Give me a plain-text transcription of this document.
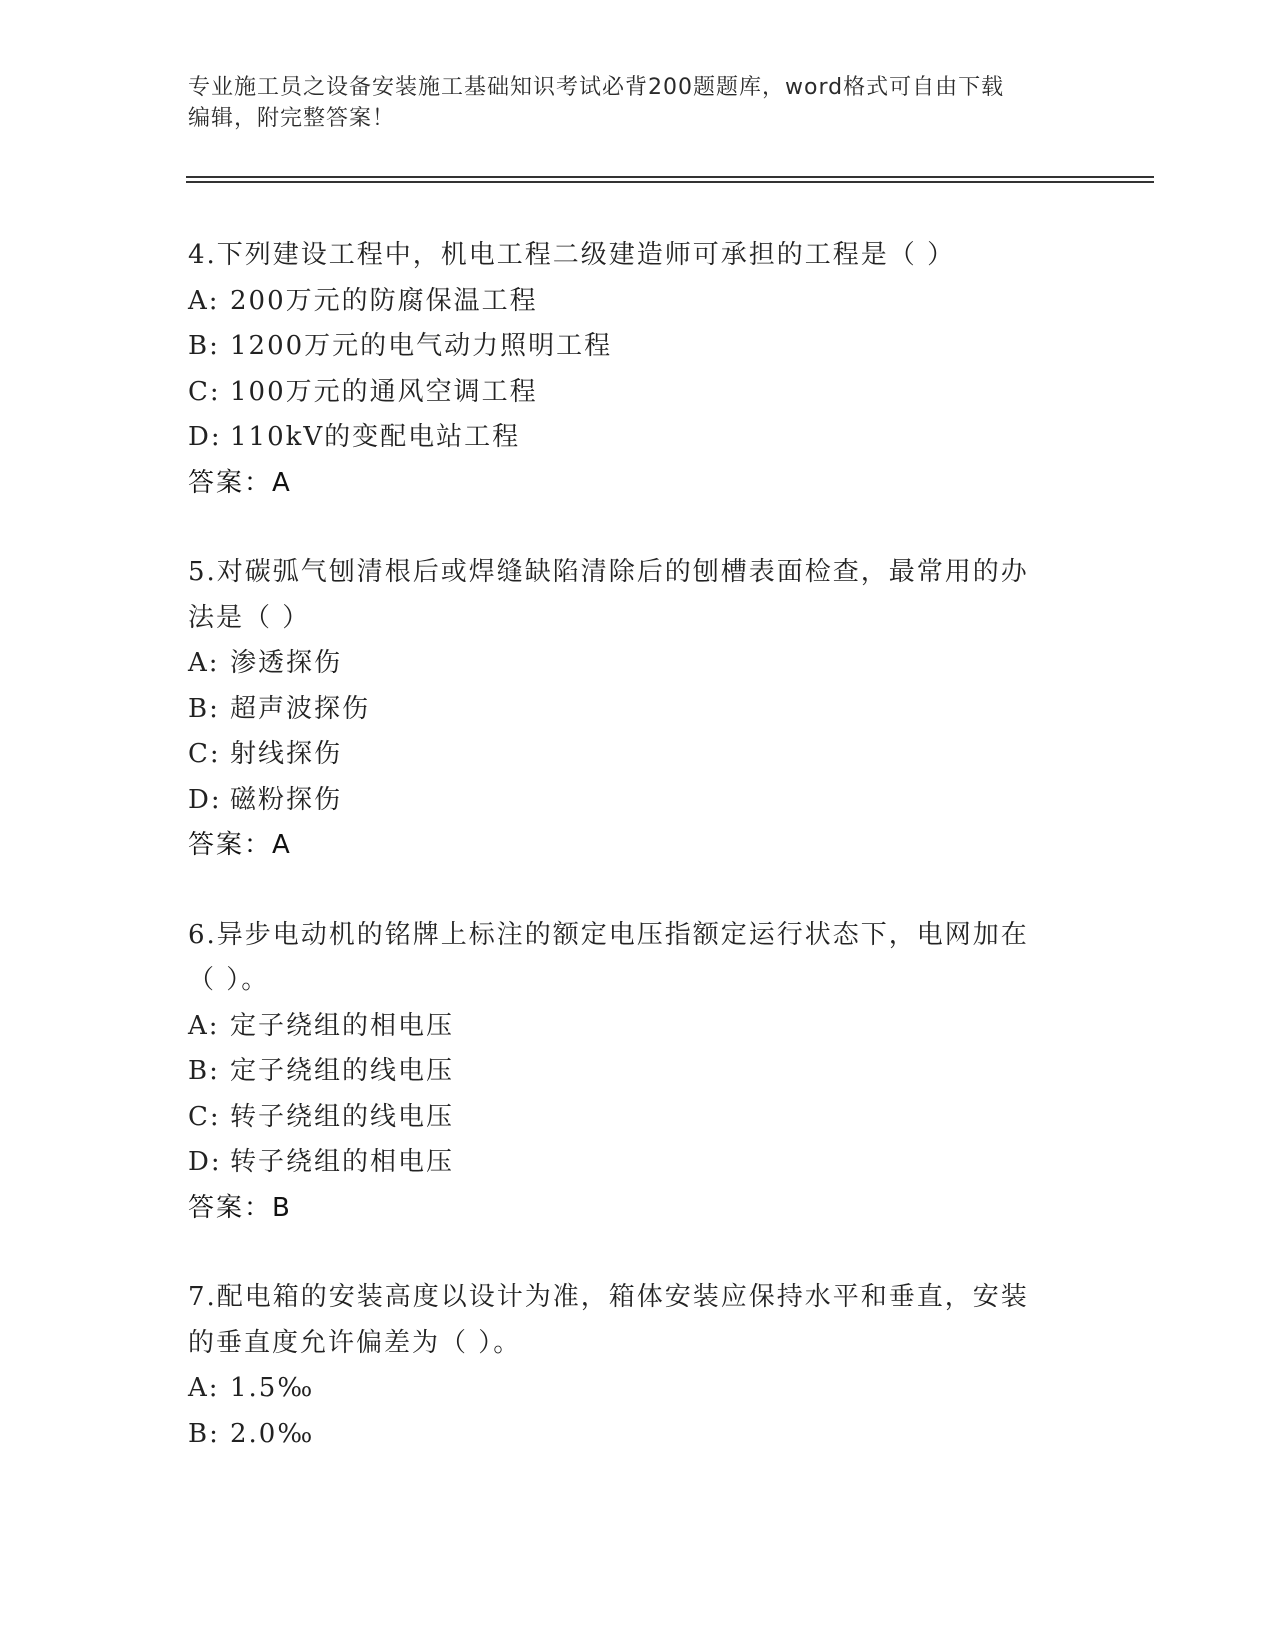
专业施工员之设备安装施工基础知识考试必背200题题库，word格式可自由下载
编辑，附完整答案！
4.下列建设工程中，机电工程二级建造师可承担的工程是（ ）
A: 200万元的防腐保温工程
B: 1200万元的电气动力照明工程
C: 100万元的通风空调工程
D: 110kV的变配电站工程
答案：A
5.对碳弧气刨清根后或焊缝缺陷清除后的刨槽表面检查，最常用的办
法是（ ）
A: 渗透探伤
B: 超声波探伤
C: 射线探伤
D: 磁粉探伤
答案：A
6.异步电动机的铭牌上标注的额定电压指额定运行状态下，电网加在
（ ）。
A: 定子绕组的相电压
B: 定子绕组的线电压
C: 转子绕组的线电压
D: 转子绕组的相电压
答案：B
7.配电箱的安装高度以设计为准，箱体安装应保持水平和垂直，安装
的垂直度允许偏差为（ ）。
A: 1.5‰
B: 2.0‰
